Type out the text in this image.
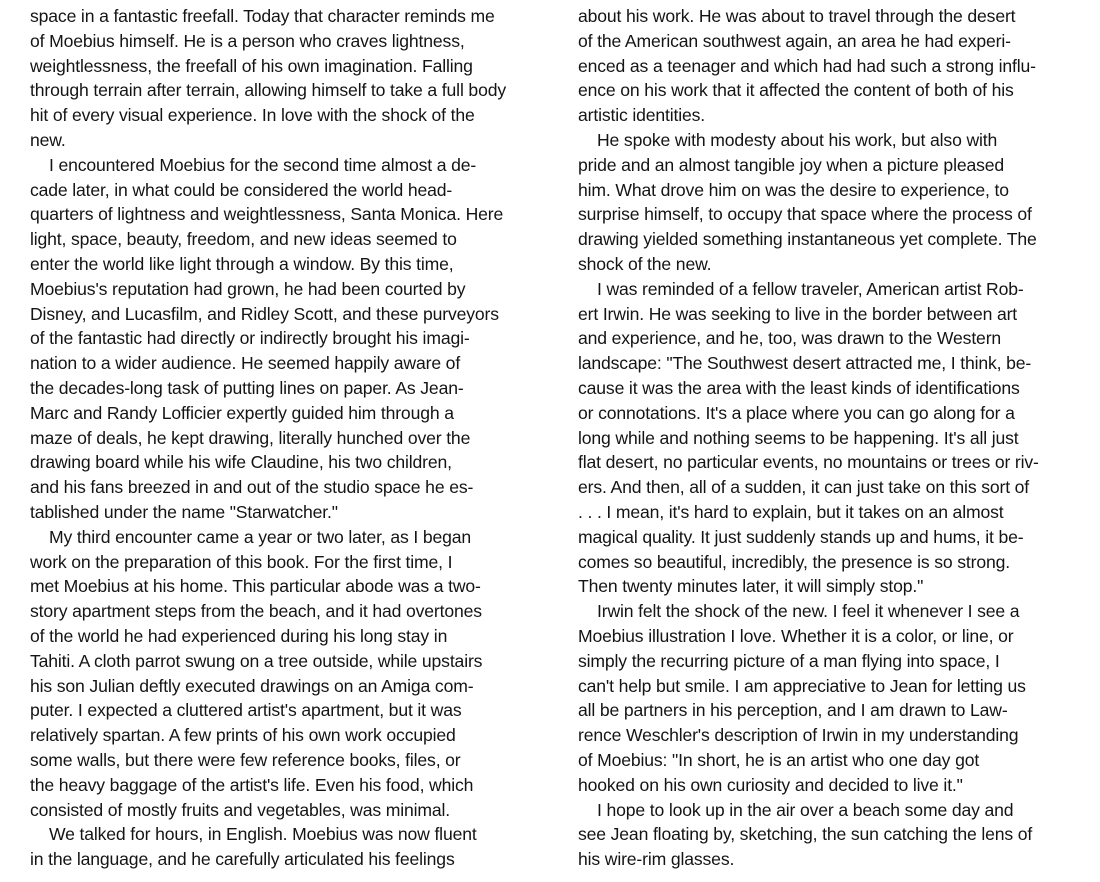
space in a fantastic freefall. Today that character reminds me
of Moebius himself. He is a person who craves lightness,
weightlessness, the freefall of his own imagination. Falling
through terrain after terrain, allowing himself to take a full body
hit of every visual experience. In love with the shock of the
new.
I encountered Moebius for the second time almost a de-
cade later, in what could be considered the world head-
quarters of lightness and weightlessness, Santa Monica. Here
light, space, beauty, freedom, and new ideas seemed to
enter the world like light through a window. By this time,
Moebius's reputation had grown, he had been courted by
Disney, and Lucasfilm, and Ridley Scott, and these purveyors
of the fantastic had directly or indirectly brought his imagi-
nation to a wider audience. He seemed happily aware of
the decades-long task of putting lines on paper. As Jean-
Marc and Randy Lofficier expertly guided him through a
maze of deals, he kept drawing, literally hunched over the
drawing board while his wife Claudine, his two children,
and his fans breezed in and out of the studio space he es-
tablished under the name "Starwatcher."
My third encounter came a year or two later, as I began
work on the preparation of this book. For the first time, I
met Moebius at his home. This particular abode was a two-
story apartment steps from the beach, and it had overtones
of the world he had experienced during his long stay in
Tahiti. A cloth parrot swung on a tree outside, while upstairs
his son Julian deftly executed drawings on an Amiga com-
puter. I expected a cluttered artist's apartment, but it was
relatively spartan. A few prints of his own work occupied
some walls, but there were few reference books, files, or
the heavy baggage of the artist's life. Even his food, which
consisted of mostly fruits and vegetables, was minimal.
We talked for hours, in English. Moebius was now fluent
in the language, and he carefully articulated his feelings
about his work. He was about to travel through the desert
of the American southwest again, an area he had experi-
enced as a teenager and which had had such a strong influ-
ence on his work that it affected the content of both of his
artistic identities.
He spoke with modesty about his work, but also with
pride and an almost tangible joy when a picture pleased
him. What drove him on was the desire to experience, to
surprise himself, to occupy that space where the process of
drawing yielded something instantaneous yet complete. The
shock of the new.
I was reminded of a fellow traveler, American artist Rob-
ert Irwin. He was seeking to live in the border between art
and experience, and he, too, was drawn to the Western
landscape: "The Southwest desert attracted me, I think, be-
cause it was the area with the least kinds of identifications
or connotations. It's a place where you can go along for a
long while and nothing seems to be happening. It's all just
flat desert, no particular events, no mountains or trees or riv-
ers. And then, all of a sudden, it can just take on this sort of
. . . I mean, it's hard to explain, but it takes on an almost
magical quality. It just suddenly stands up and hums, it be-
comes so beautiful, incredibly, the presence is so strong.
Then twenty minutes later, it will simply stop."
Irwin felt the shock of the new. I feel it whenever I see a
Moebius illustration I love. Whether it is a color, or line, or
simply the recurring picture of a man flying into space, I
can't help but smile. I am appreciative to Jean for letting us
all be partners in his perception, and I am drawn to Law-
rence Weschler's description of Irwin in my understanding
of Moebius: "In short, he is an artist who one day got
hooked on his own curiosity and decided to live it."
I hope to look up in the air over a beach some day and
see Jean floating by, sketching, the sun catching the lens of
his wire-rim glasses.
